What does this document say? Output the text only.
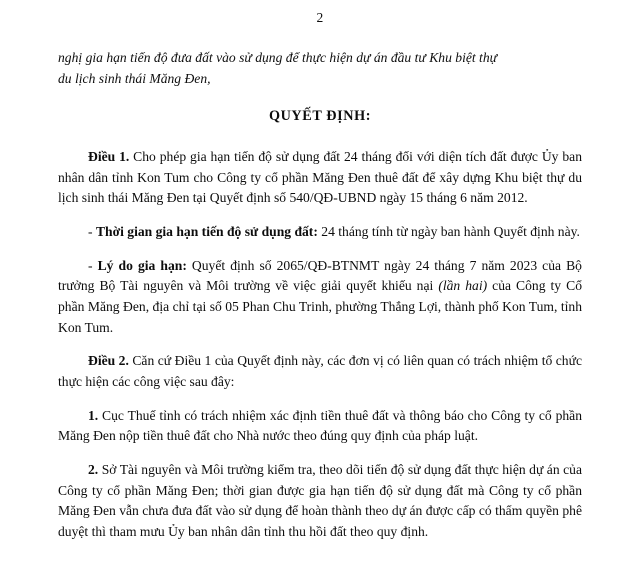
2
nghị gia hạn tiến độ đưa đất vào sử dụng để thực hiện dự án đầu tư Khu biệt thự
du lịch sinh thái Măng Đen,
QUYẾT ĐỊNH:

Điều 1. Cho phép gia hạn tiến độ sử dụng đất 24 tháng đối với diện tích đất được Ủy ban nhân dân tỉnh Kon Tum cho Công ty cổ phần Măng Đen thuê đất để xây dựng Khu biệt thự du lịch sinh thái Măng Đen tại Quyết định số 540/QĐ-UBND ngày 15 tháng 6 năm 2012.

- Thời gian gia hạn tiến độ sử dụng đất: 24 tháng tính từ ngày ban hành Quyết định này.

- Lý do gia hạn: Quyết định số 2065/QĐ-BTNMT ngày 24 tháng 7 năm 2023 của Bộ trưởng Bộ Tài nguyên và Môi trường về việc giải quyết khiếu nại (lần hai) của Công ty Cổ phần Măng Đen, địa chỉ tại số 05 Phan Chu Trinh, phường Thắng Lợi, thành phố Kon Tum, tỉnh Kon Tum.

Điều 2. Căn cứ Điều 1 của Quyết định này, các đơn vị có liên quan có trách nhiệm tổ chức thực hiện các công việc sau đây:

1. Cục Thuế tỉnh có trách nhiệm xác định tiền thuê đất và thông báo cho Công ty cổ phần Măng Đen nộp tiền thuê đất cho Nhà nước theo đúng quy định của pháp luật.

2. Sở Tài nguyên và Môi trường kiểm tra, theo dõi tiến độ sử dụng đất thực hiện dự án của Công ty cổ phần Măng Đen; thời gian được gia hạn tiến độ sử dụng đất mà Công ty cổ phần Măng Đen vẫn chưa đưa đất vào sử dụng để hoàn thành theo dự án được cấp có thẩm quyền phê duyệt thì tham mưu Ủy ban nhân dân tỉnh thu hồi đất theo quy định.
